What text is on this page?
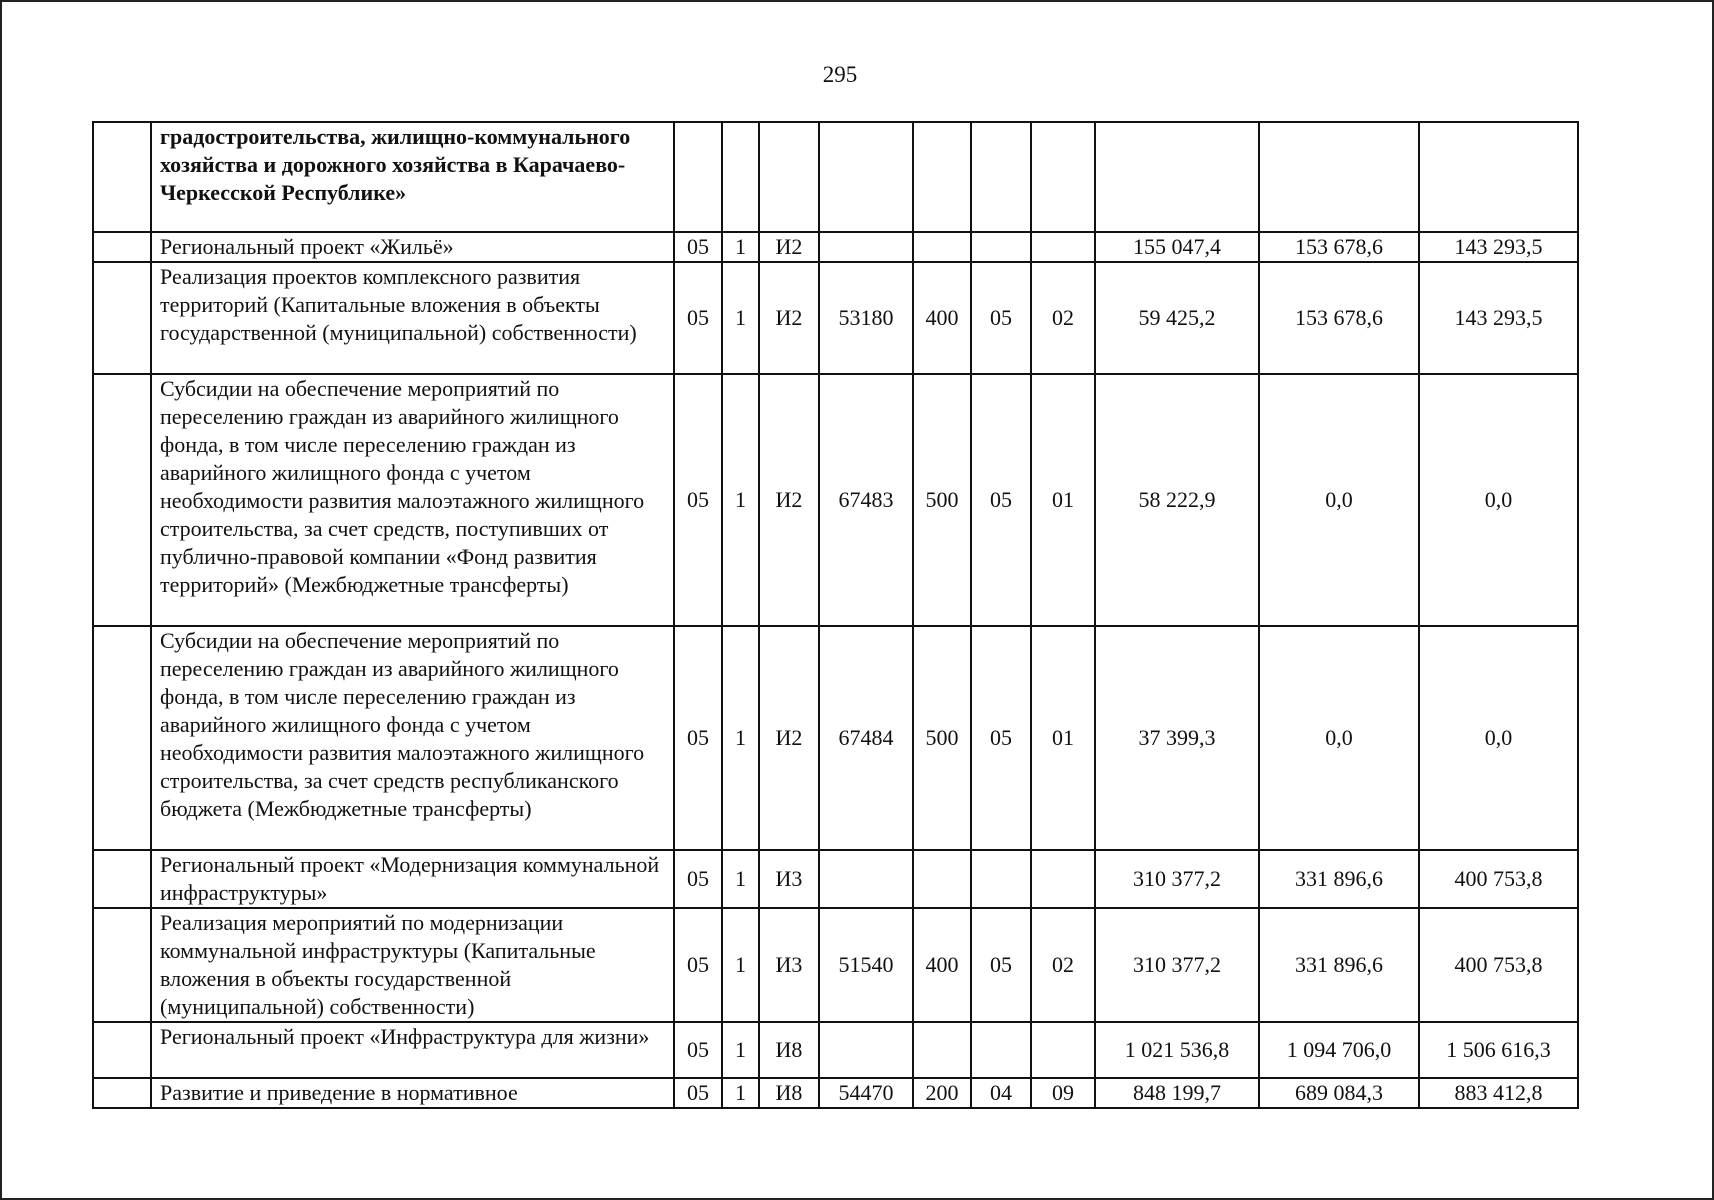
295
	градостроительства, жилищно-коммунального хозяйства и дорожного хозяйства в Карачаево-Черкесской Республике»										
	Региональный проект «Жильё»	05	1	И2					155 047,4	153 678,6	143 293,5
	Реализация проектов комплексного развития территорий (Капитальные вложения в объекты государственной (муниципальной) собственности)	05	1	И2	53180	400	05	02	59 425,2	153 678,6	143 293,5
	Субсидии на обеспечение мероприятий по переселению граждан из аварийного жилищного фонда, в том числе переселению граждан из аварийного жилищного фонда с учетом необходимости развития малоэтажного жилищного строительства, за счет средств, поступивших от публично-правовой компании «Фонд развития территорий» (Межбюджетные трансферты)	05	1	И2	67483	500	05	01	58 222,9	0,0	0,0
	Субсидии на обеспечение мероприятий по переселению граждан из аварийного жилищного фонда, в том числе переселению граждан из аварийного жилищного фонда с учетом необходимости развития малоэтажного жилищного строительства, за счет средств республиканского бюджета (Межбюджетные трансферты)	05	1	И2	67484	500	05	01	37 399,3	0,0	0,0
	Региональный проект «Модернизация коммунальной инфраструктуры»	05	1	И3					310 377,2	331 896,6	400 753,8
	Реализация мероприятий по модернизации коммунальной инфраструктуры (Капитальные вложения в объекты государственной (муниципальной) собственности)	05	1	И3	51540	400	05	02	310 377,2	331 896,6	400 753,8
	Региональный проект «Инфраструктура для жизни»	05	1	И8					1 021 536,8	1 094 706,0	1 506 616,3
	Развитие и приведение в нормативное	05	1	И8	54470	200	04	09	848 199,7	689 084,3	883 412,8
